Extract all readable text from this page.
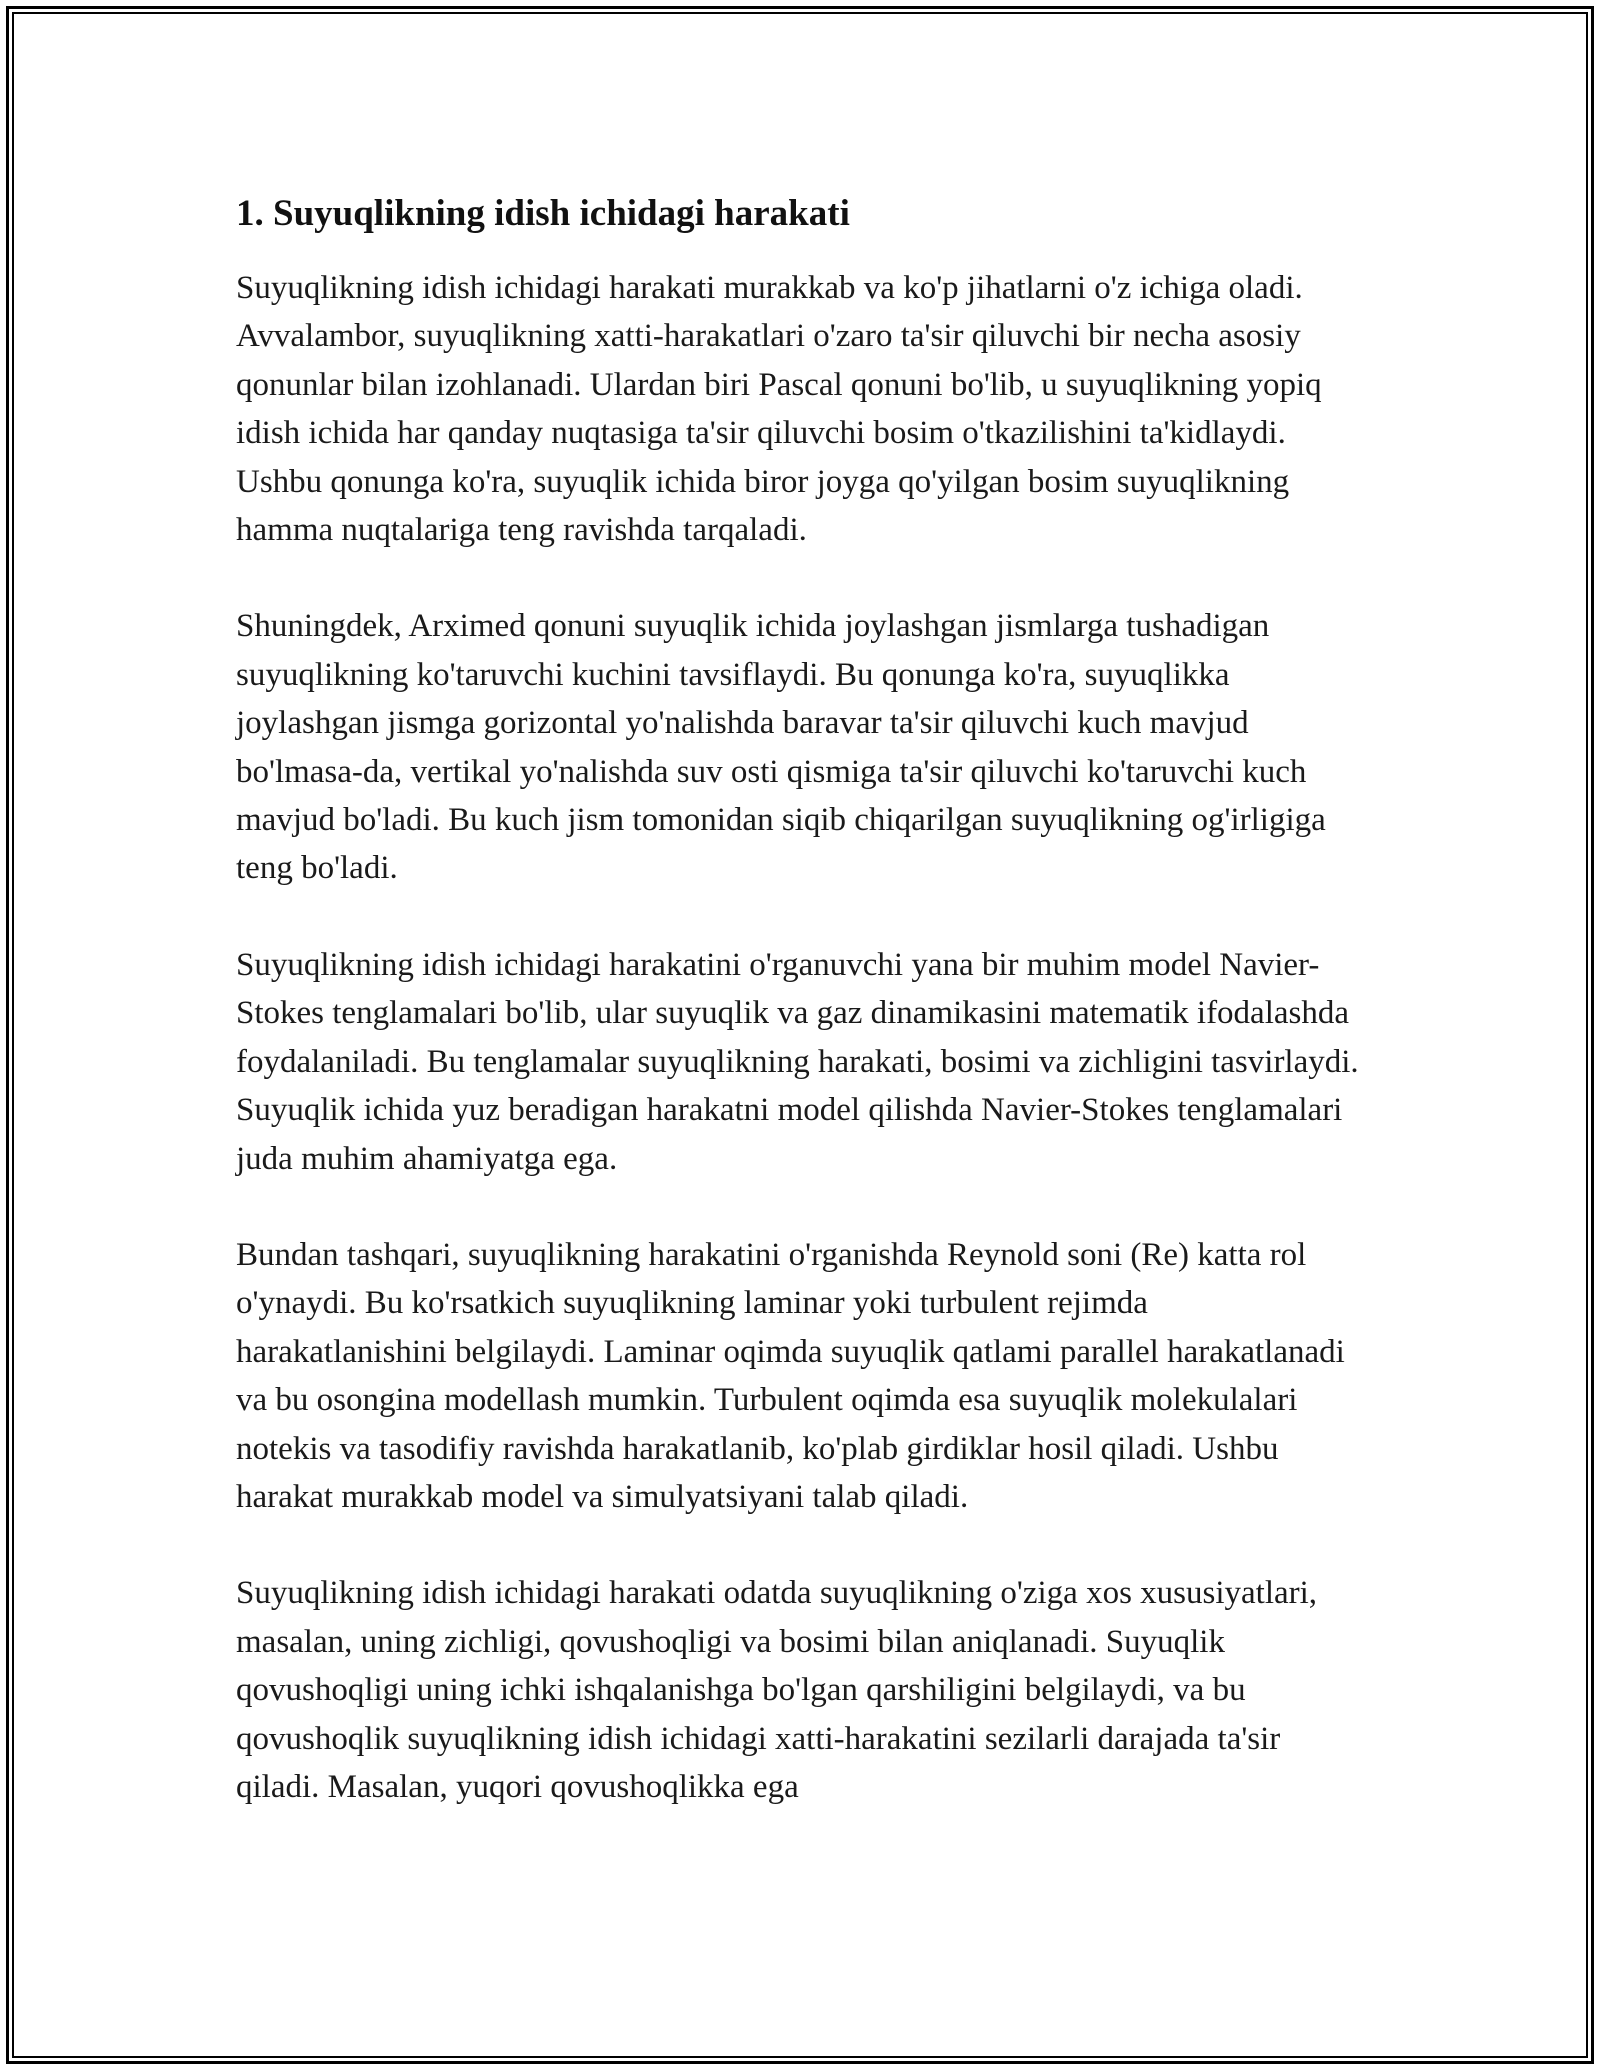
1. Suyuqlikning idish ichidagi harakati

Suyuqlikning idish ichidagi harakati murakkab va ko'p jihatlarni o'z ichiga oladi. Avvalambor, suyuqlikning xatti-harakatlari o'zaro ta'sir qiluvchi bir necha asosiy qonunlar bilan izohlanadi. Ulardan biri Pascal qonuni bo'lib, u suyuqlikning yopiq idish ichida har qanday nuqtasiga ta'sir qiluvchi bosim o'tkazilishini ta'kidlaydi. Ushbu qonunga ko'ra, suyuqlik ichida biror joyga qo'yilgan bosim suyuqlikning hamma nuqtalariga teng ravishda tarqaladi.

Shuningdek, Arximed qonuni suyuqlik ichida joylashgan jismlarga tushadigan suyuqlikning ko'taruvchi kuchini tavsiflaydi. Bu qonunga ko'ra, suyuqlikka joylashgan jismga gorizontal yo'nalishda baravar ta'sir qiluvchi kuch mavjud bo'lmasa-da, vertikal yo'nalishda suv osti qismiga ta'sir qiluvchi ko'taruvchi kuch mavjud bo'ladi. Bu kuch jism tomonidan siqib chiqarilgan suyuqlikning og'irligiga teng bo'ladi.

Suyuqlikning idish ichidagi harakatini o'rganuvchi yana bir muhim model Navier-Stokes tenglamalari bo'lib, ular suyuqlik va gaz dinamikasini matematik ifodalashda foydalaniladi. Bu tenglamalar suyuqlikning harakati, bosimi va zichligini tasvirlaydi. Suyuqlik ichida yuz beradigan harakatni model qilishda Navier-Stokes tenglamalari juda muhim ahamiyatga ega.

Bundan tashqari, suyuqlikning harakatini o'rganishda Reynold soni (Re) katta rol o'ynaydi. Bu ko'rsatkich suyuqlikning laminar yoki turbulent rejimda harakatlanishini belgilaydi. Laminar oqimda suyuqlik qatlami parallel harakatlanadi va bu osongina modellash mumkin. Turbulent oqimda esa suyuqlik molekulalari notekis va tasodifiy ravishda harakatlanib, ko'plab girdiklar hosil qiladi. Ushbu harakat murakkab model va simulyatsiyani talab qiladi.

Suyuqlikning idish ichidagi harakati odatda suyuqlikning o'ziga xos xususiyatlari, masalan, uning zichligi, qovushoqligi va bosimi bilan aniqlanadi. Suyuqlik qovushoqligi uning ichki ishqalanishga bo'lgan qarshiligini belgilaydi, va bu qovushoqlik suyuqlikning idish ichidagi xatti-harakatini sezilarli darajada ta'sir qiladi. Masalan, yuqori qovushoqlikka ega
